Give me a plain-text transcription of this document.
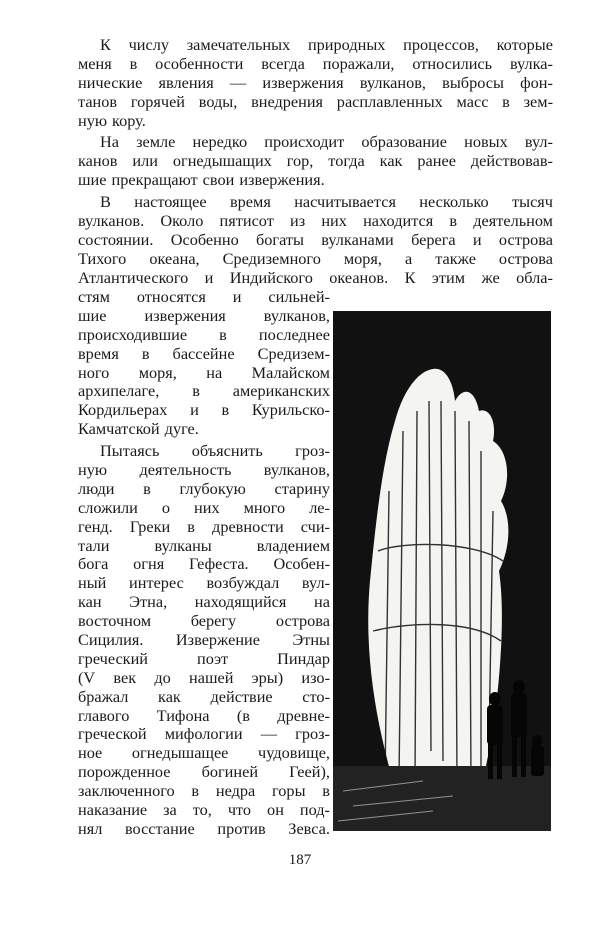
К числу замечательных природных процессов, которые
меня в особенности всегда поражали, относились вулка-
нические явления — извержения вулканов, выбросы фон-
танов горячей воды, внедрения расплавленных масс в зем-
ную кору.
На земле нередко происходит образование новых вул-
канов или огнедышащих гор, тогда как ранее действовав-
шие прекращают свои извержения.
В настоящее время насчитывается несколько тысяч
вулканов. Около пятисот из них находится в деятельном
состоянии. Особенно богаты вулканами берега и острова
Тихого океана, Средиземного моря, а также острова
Атлантического и Индийского океанов. К этим же обла-
стям относятся и сильней-
шие извержения вулканов,
происходившие в последнее
время в бассейне Средизем-
ного моря, на Малайском
архипелаге, в американских
Кордильерах и в Курильско-
Камчатской дуге.
Пытаясь объяснить гроз-
ную деятельность вулканов,
люди в глубокую старину
сложили о них много ле-
генд. Греки в древности счи-
тали	вулканы	владением
бога огня Гефеста. Особен-
ный интерес возбуждал вул-
кан Этна, находящийся на
восточном берегу острова
Сицилия. Извержение Этны
греческий	поэт	Пиндар
(V век до нашей эры) изо-
бражал как действие сто-
главого Тифона (в древне-
греческой мифологии — гроз-
ное огнедышащее чудовище,
порожденное богиней Геей),
заключенного в недра горы в
наказание за то, что он под-
нял восстание против Зевса.
187
